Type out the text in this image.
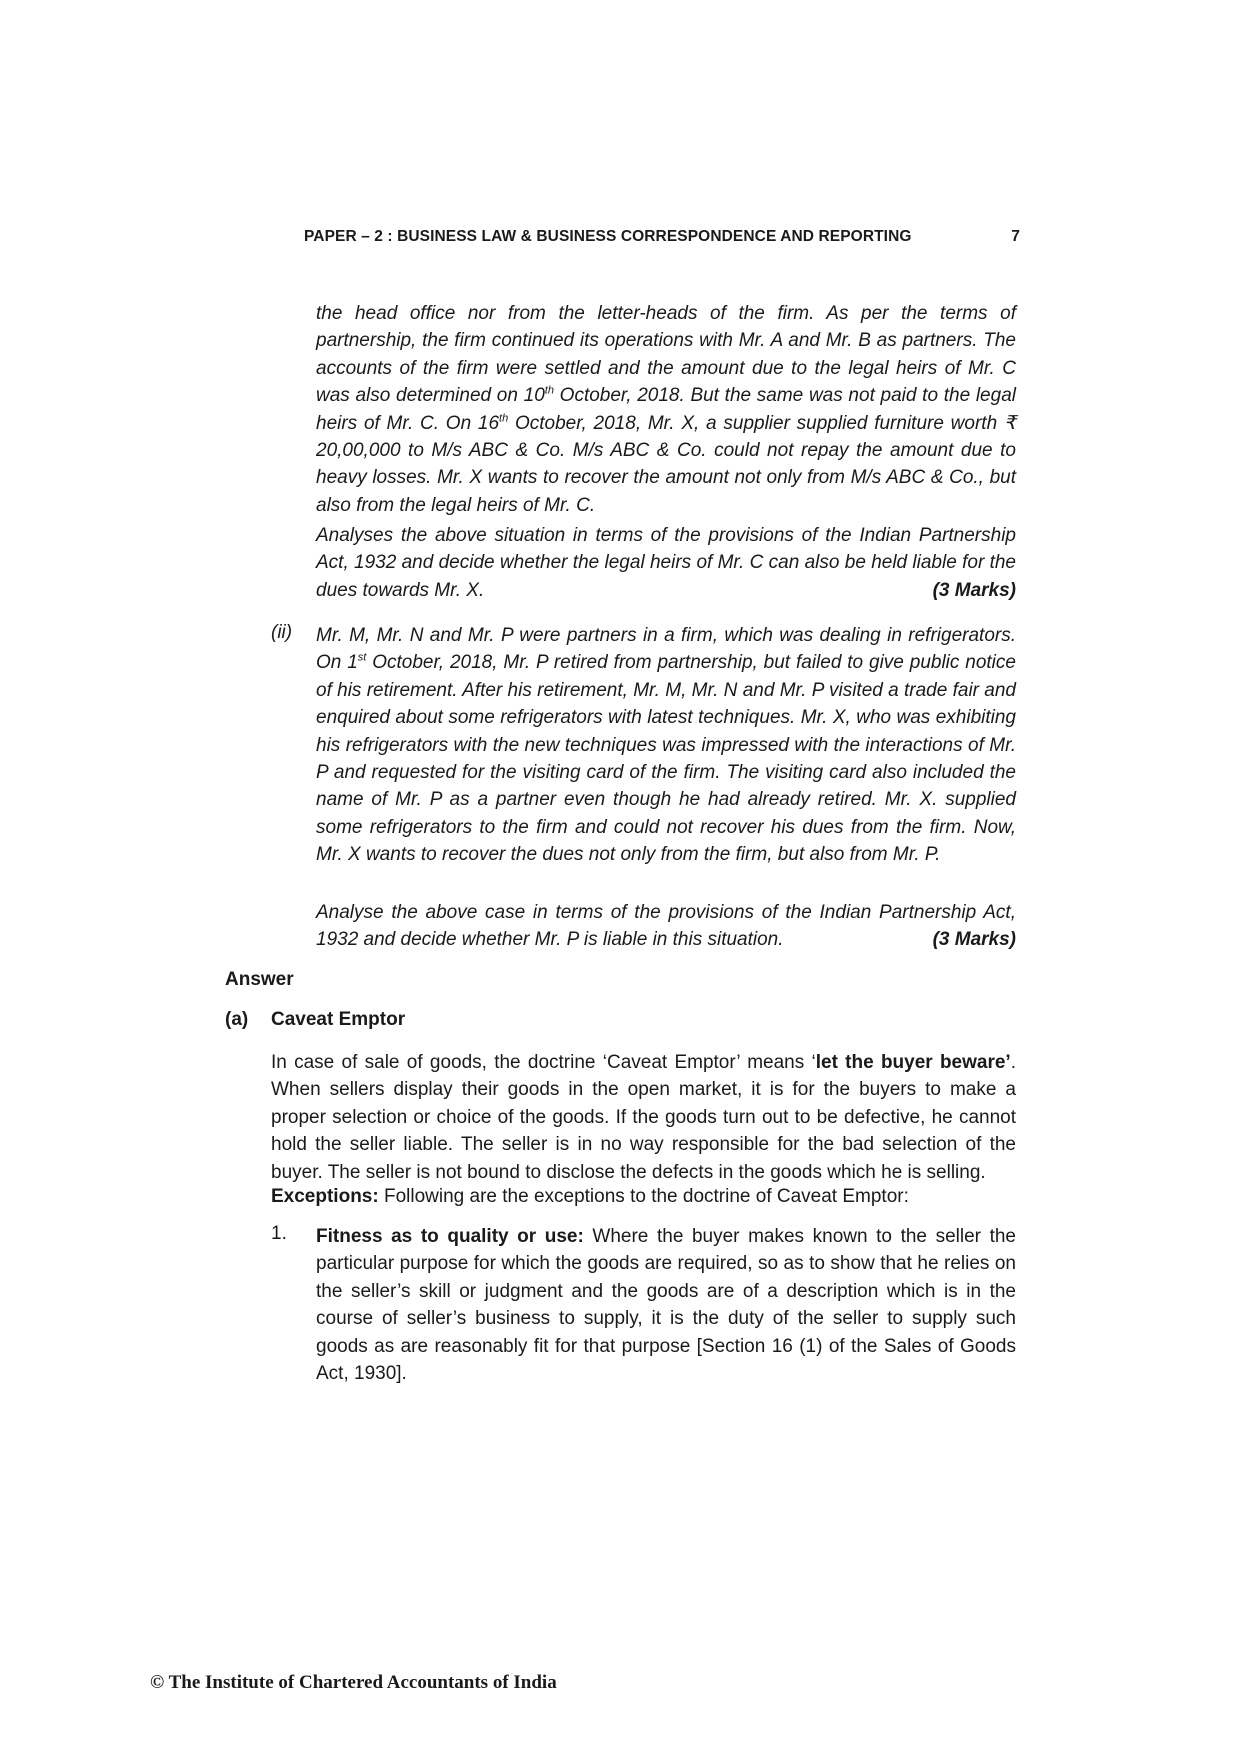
PAPER – 2 : BUSINESS LAW & BUSINESS CORRESPONDENCE AND REPORTING	7

the head office nor from the letter-heads of the firm. As per the terms of partnership, the firm continued its operations with Mr. A and Mr. B as partners. The accounts of the firm were settled and the amount due to the legal heirs of Mr. C was also determined on 10th October, 2018. But the same was not paid to the legal heirs of Mr. C. On 16th October, 2018, Mr. X, a supplier supplied furniture worth ₹ 20,00,000 to M/s ABC & Co. M/s ABC & Co. could not repay the amount due to heavy losses. Mr. X wants to recover the amount not only from M/s ABC & Co., but also from the legal heirs of Mr. C.

Analyses the above situation in terms of the provisions of the Indian Partnership Act, 1932 and decide whether the legal heirs of Mr. C can also be held liable for the dues towards Mr. X.	(3 Marks)

(ii) Mr. M, Mr. N and Mr. P were partners in a firm, which was dealing in refrigerators. On 1st October, 2018, Mr. P retired from partnership, but failed to give public notice of his retirement. After his retirement, Mr. M, Mr. N and Mr. P visited a trade fair and enquired about some refrigerators with latest techniques. Mr. X, who was exhibiting his refrigerators with the new techniques was impressed with the interactions of Mr. P and requested for the visiting card of the firm. The visiting card also included the name of Mr. P as a partner even though he had already retired. Mr. X. supplied some refrigerators to the firm and could not recover his dues from the firm. Now, Mr. X wants to recover the dues not only from the firm, but also from Mr. P.

Analyse the above case in terms of the provisions of the Indian Partnership Act, 1932 and decide whether Mr. P is liable in this situation.	(3 Marks)

Answer
(a) Caveat Emptor

In case of sale of goods, the doctrine ‘Caveat Emptor’ means ‘let the buyer beware’. When sellers display their goods in the open market, it is for the buyers to make a proper selection or choice of the goods. If the goods turn out to be defective, he cannot hold the seller liable. The seller is in no way responsible for the bad selection of the buyer. The seller is not bound to disclose the defects in the goods which he is selling.

Exceptions: Following are the exceptions to the doctrine of Caveat Emptor:

1. Fitness as to quality or use: Where the buyer makes known to the seller the particular purpose for which the goods are required, so as to show that he relies on the seller’s skill or judgment and the goods are of a description which is in the course of seller’s business to supply, it is the duty of the seller to supply such goods as are reasonably fit for that purpose [Section 16 (1) of the Sales of Goods Act, 1930].

© The Institute of Chartered Accountants of India
